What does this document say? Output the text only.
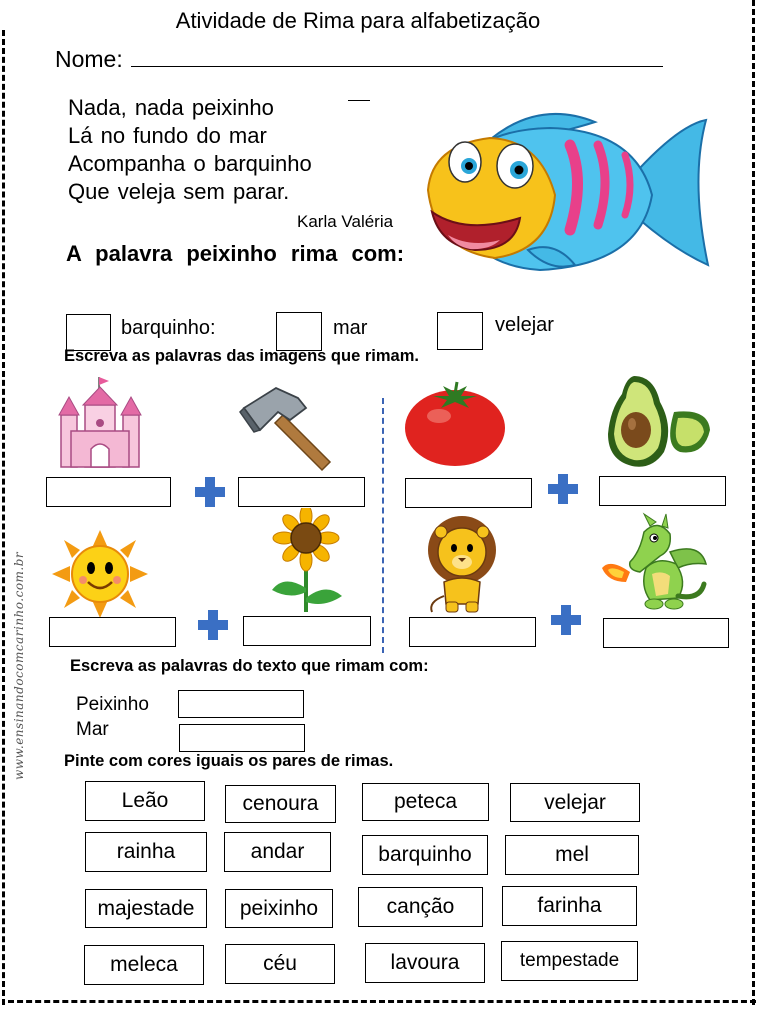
Atividade de Rima para alfabetização
Nome:
Nada, nada peixinho
Lá no fundo do mar
Acompanha o barquinho
Que veleja sem parar.
Karla Valéria
A palavra peixinho rima com:
barquinho:	mar	velejar
Escreva as palavras das imagens que rimam.
www.ensinandocomcarinho.com.br	Escreva as palavras do texto que rimam com:
Peixinho
Mar
Pinte com cores iguais os pares de rimas.
Leão	cenoura	peteca	velejar
rainha	andar	barquinho	mel
majestade	peixinho	canção	farinha
meleca	céu	lavoura	tempestade
